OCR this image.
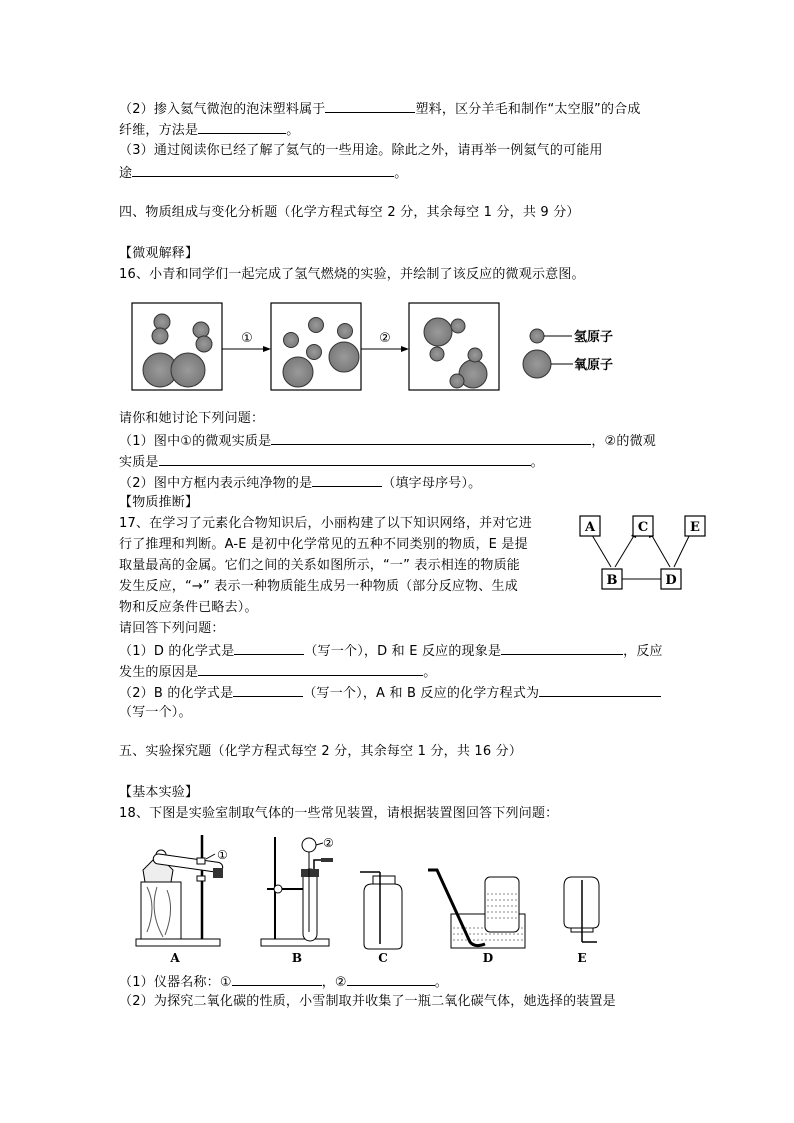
（2）掺入氦气微泡的泡沫塑料属于	塑料，区分羊毛和制作“太空服”的合成
纤维，方法是	。
（3）通过阅读你已经了解了氦气的一些用途。除此之外，请再举一例氦气的可能用
途	。
四、物质组成与变化分析题（化学方程式每空 2 分，其余每空 1 分，共 9 分）
【微观解释】
16、小青和同学们一起完成了氢气燃烧的实验，并绘制了该反应的微观示意图。
①	②	氢原子
氧原子
请你和她讨论下列问题：
（1）图中①的微观实质是	，②的微观
实质是	。
（2）图中方框内表示纯净物的是	（填字母序号）。
【物质推断】
17、在学习了元素化合物知识后，小丽构建了以下知识网络，并对它进
行了推理和判断。A-E 是初中化学常见的五种不同类别的物质，E 是提
取量最高的金属。它们之间的关系如图所示，“一” 表示相连的物质能
发生反应，“→” 表示一种物质能生成另一种物质（部分反应物、生成
物和反应条件已略去）。
A	C	E
B	D
请回答下列问题：
（1）D 的化学式是	（写一个），D 和 E 反应的现象是	，反应
发生的原因是	。
（2）B 的化学式是	（写一个），A 和 B 反应的化学方程式为
（写一个）。
五、实验探究题（化学方程式每空 2 分，其余每空 1 分，共 16 分）
【基本实验】
18、下图是实验室制取气体的一些常见装置，请根据装置图回答下列问题：
①
A
②
B	C	D	E
（1）仪器名称：①	，②	。
（2）为探究二氧化碳的性质，小雪制取并收集了一瓶二氧化碳气体，她选择的装置是
